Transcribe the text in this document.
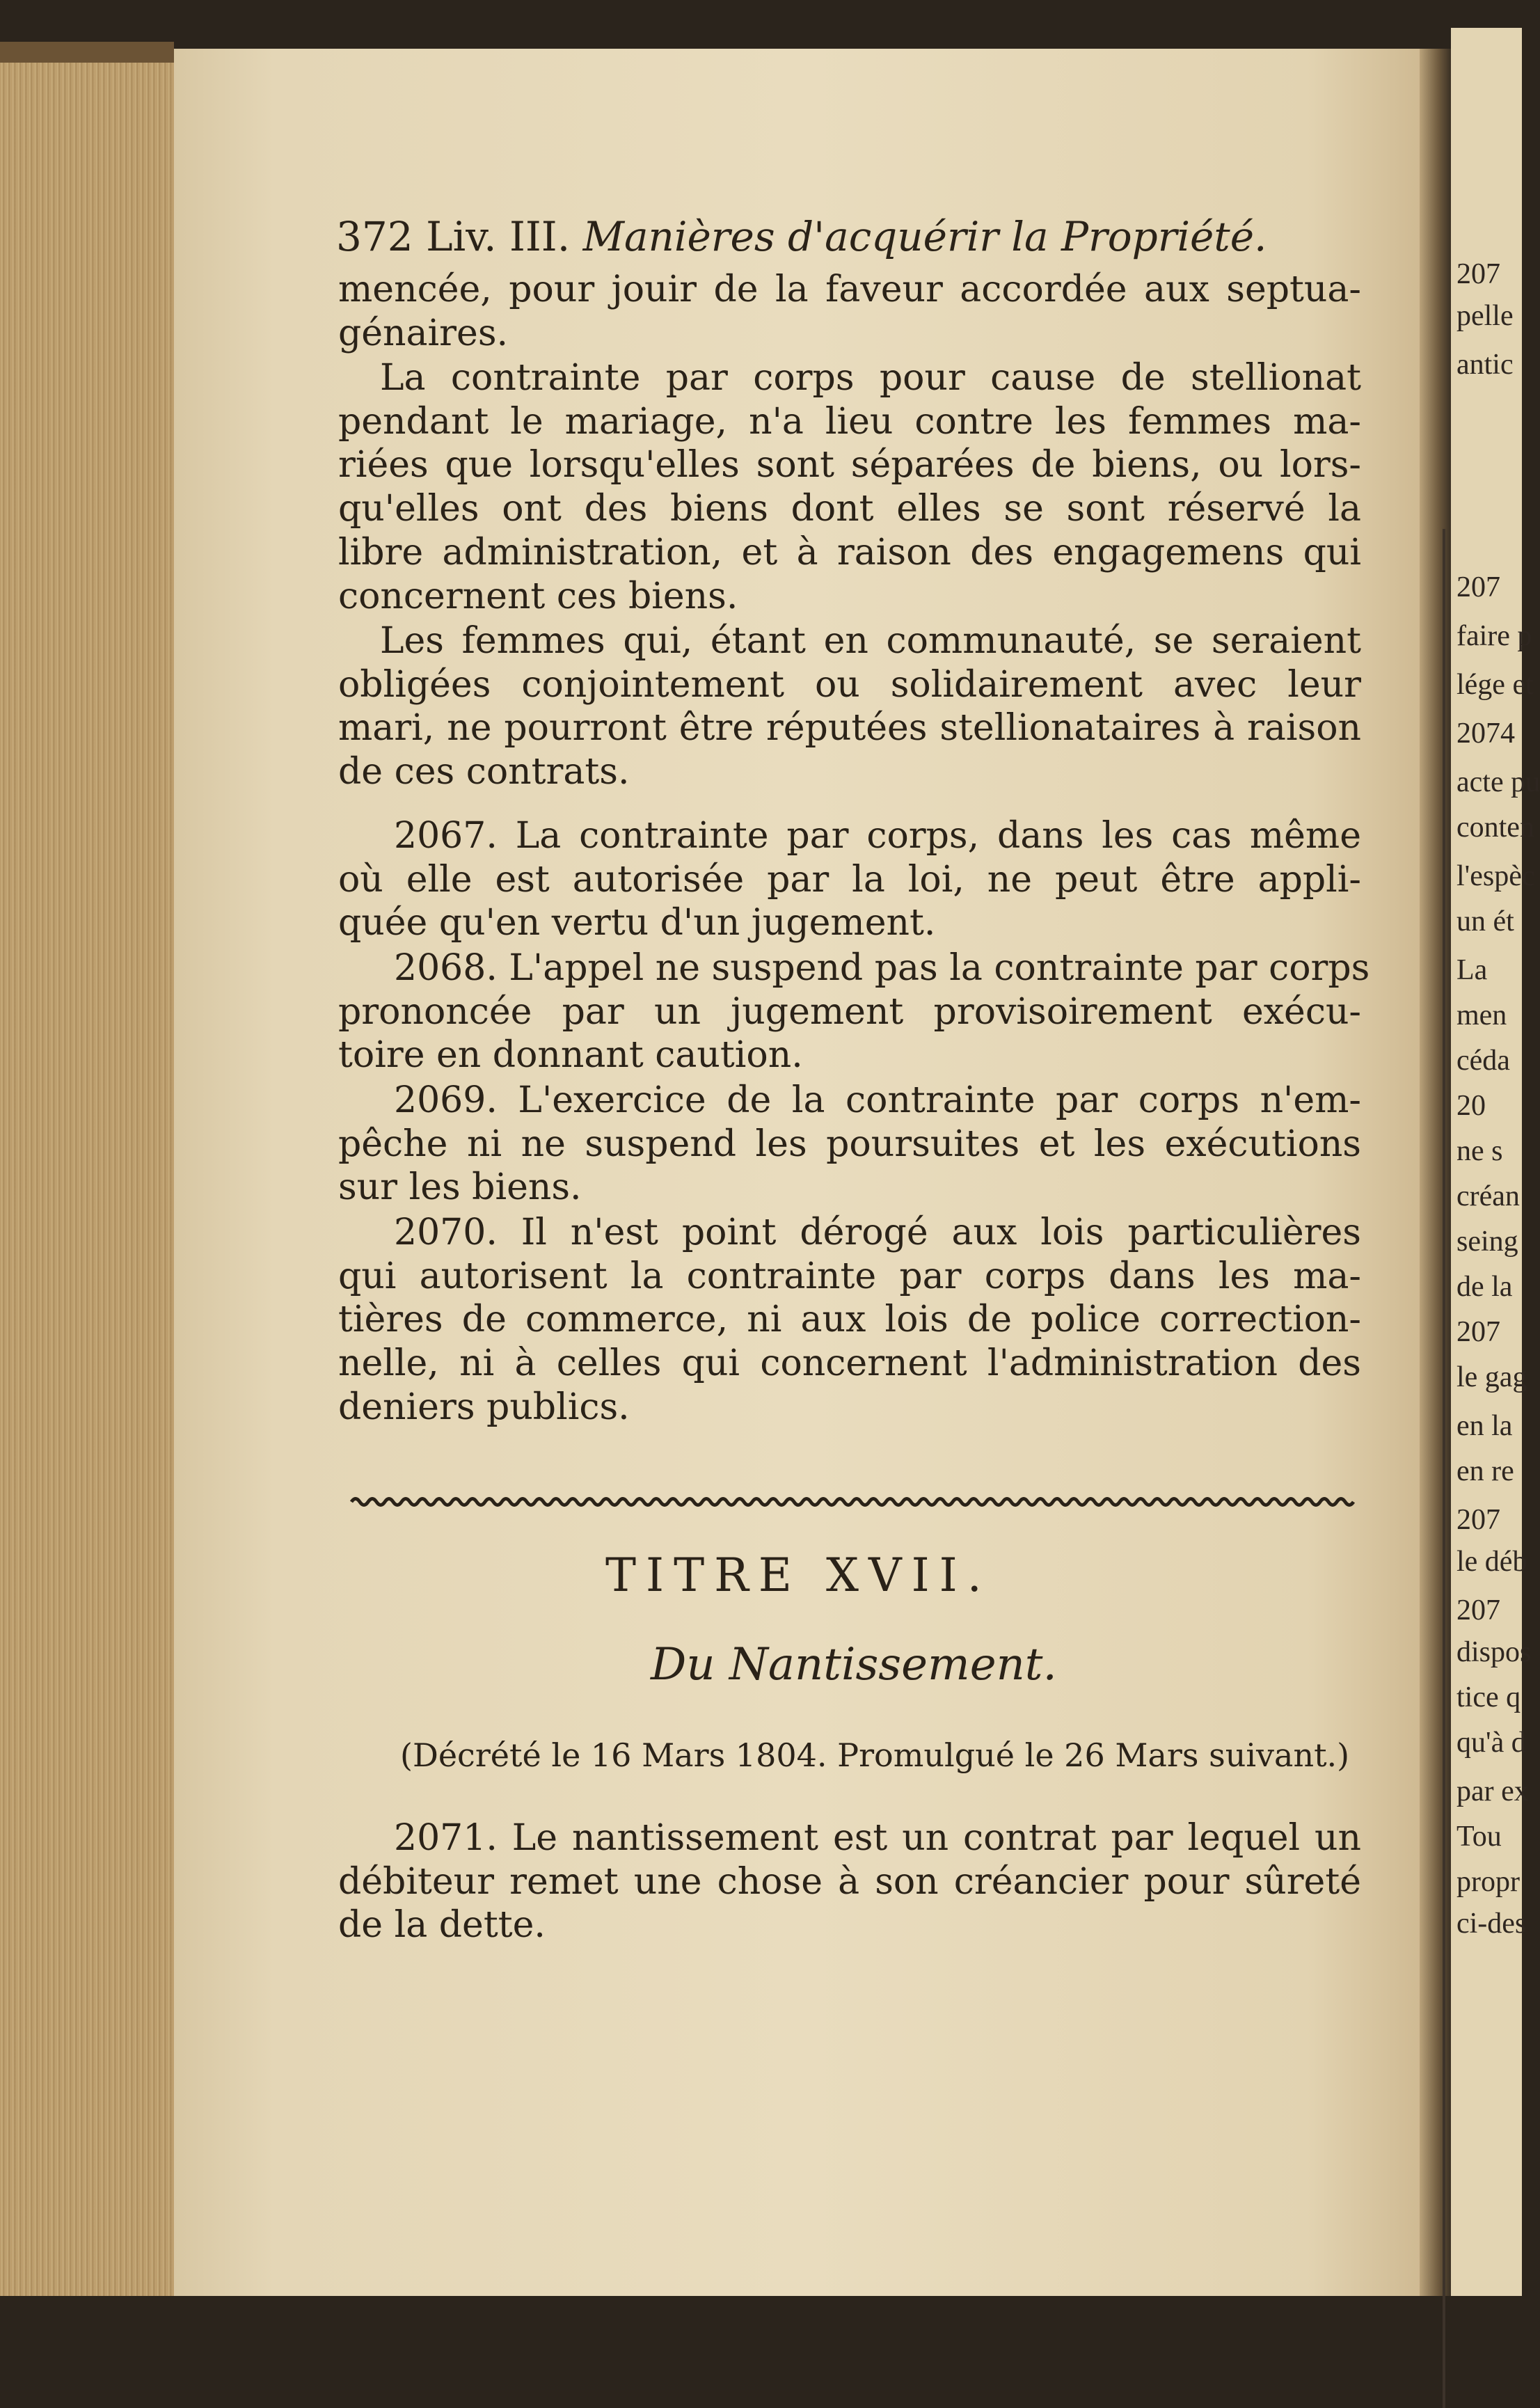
207
pelle
antic
207
faire p
lége et
2074
acte pu
conten
l'espèc
un ét
La
men
céda
20
ne s
créan
seing
de la
207
le gag
en la
en re
207
le déb
207
dispos
tice q
qu'à d
par ex
Tou
propr
ci-des
372 Liv. III. Manières d'acquérir la Propriété.
mencée, pour jouir de la faveur accordée aux septua-
génaires.
La contrainte par corps pour cause de stellionat
pendant le mariage, n'a lieu contre les femmes ma-
riées que lorsqu'elles sont séparées de biens, ou lors-
qu'elles ont des biens dont elles se sont réservé la
libre administration, et à raison des engagemens qui
concernent ces biens.
Les femmes qui, étant en communauté, se seraient
obligées conjointement ou solidairement avec leur
mari, ne pourront être réputées stellionataires à raison
de ces contrats.
2067. La contrainte par corps, dans les cas même
où elle est autorisée par la loi, ne peut être appli-
quée qu'en vertu d'un jugement.
2068. L'appel ne suspend pas la contrainte par corps
prononcée par un jugement provisoirement exécu-
toire en donnant caution.
2069. L'exercice de la contrainte par corps n'em-
pêche ni ne suspend les poursuites et les exécutions
sur les biens.
2070. Il n'est point dérogé aux lois particulières
qui autorisent la contrainte par corps dans les ma-
tières de commerce, ni aux lois de police correction-
nelle, ni à celles qui concernent l'administration des
deniers publics.
TITRE XVII.
Du Nantissement.
(Décrété le 16 Mars 1804. Promulgué le 26 Mars suivant.)
2071. Le nantissement est un contrat par lequel un
débiteur remet une chose à son créancier pour sûreté
de la dette.
